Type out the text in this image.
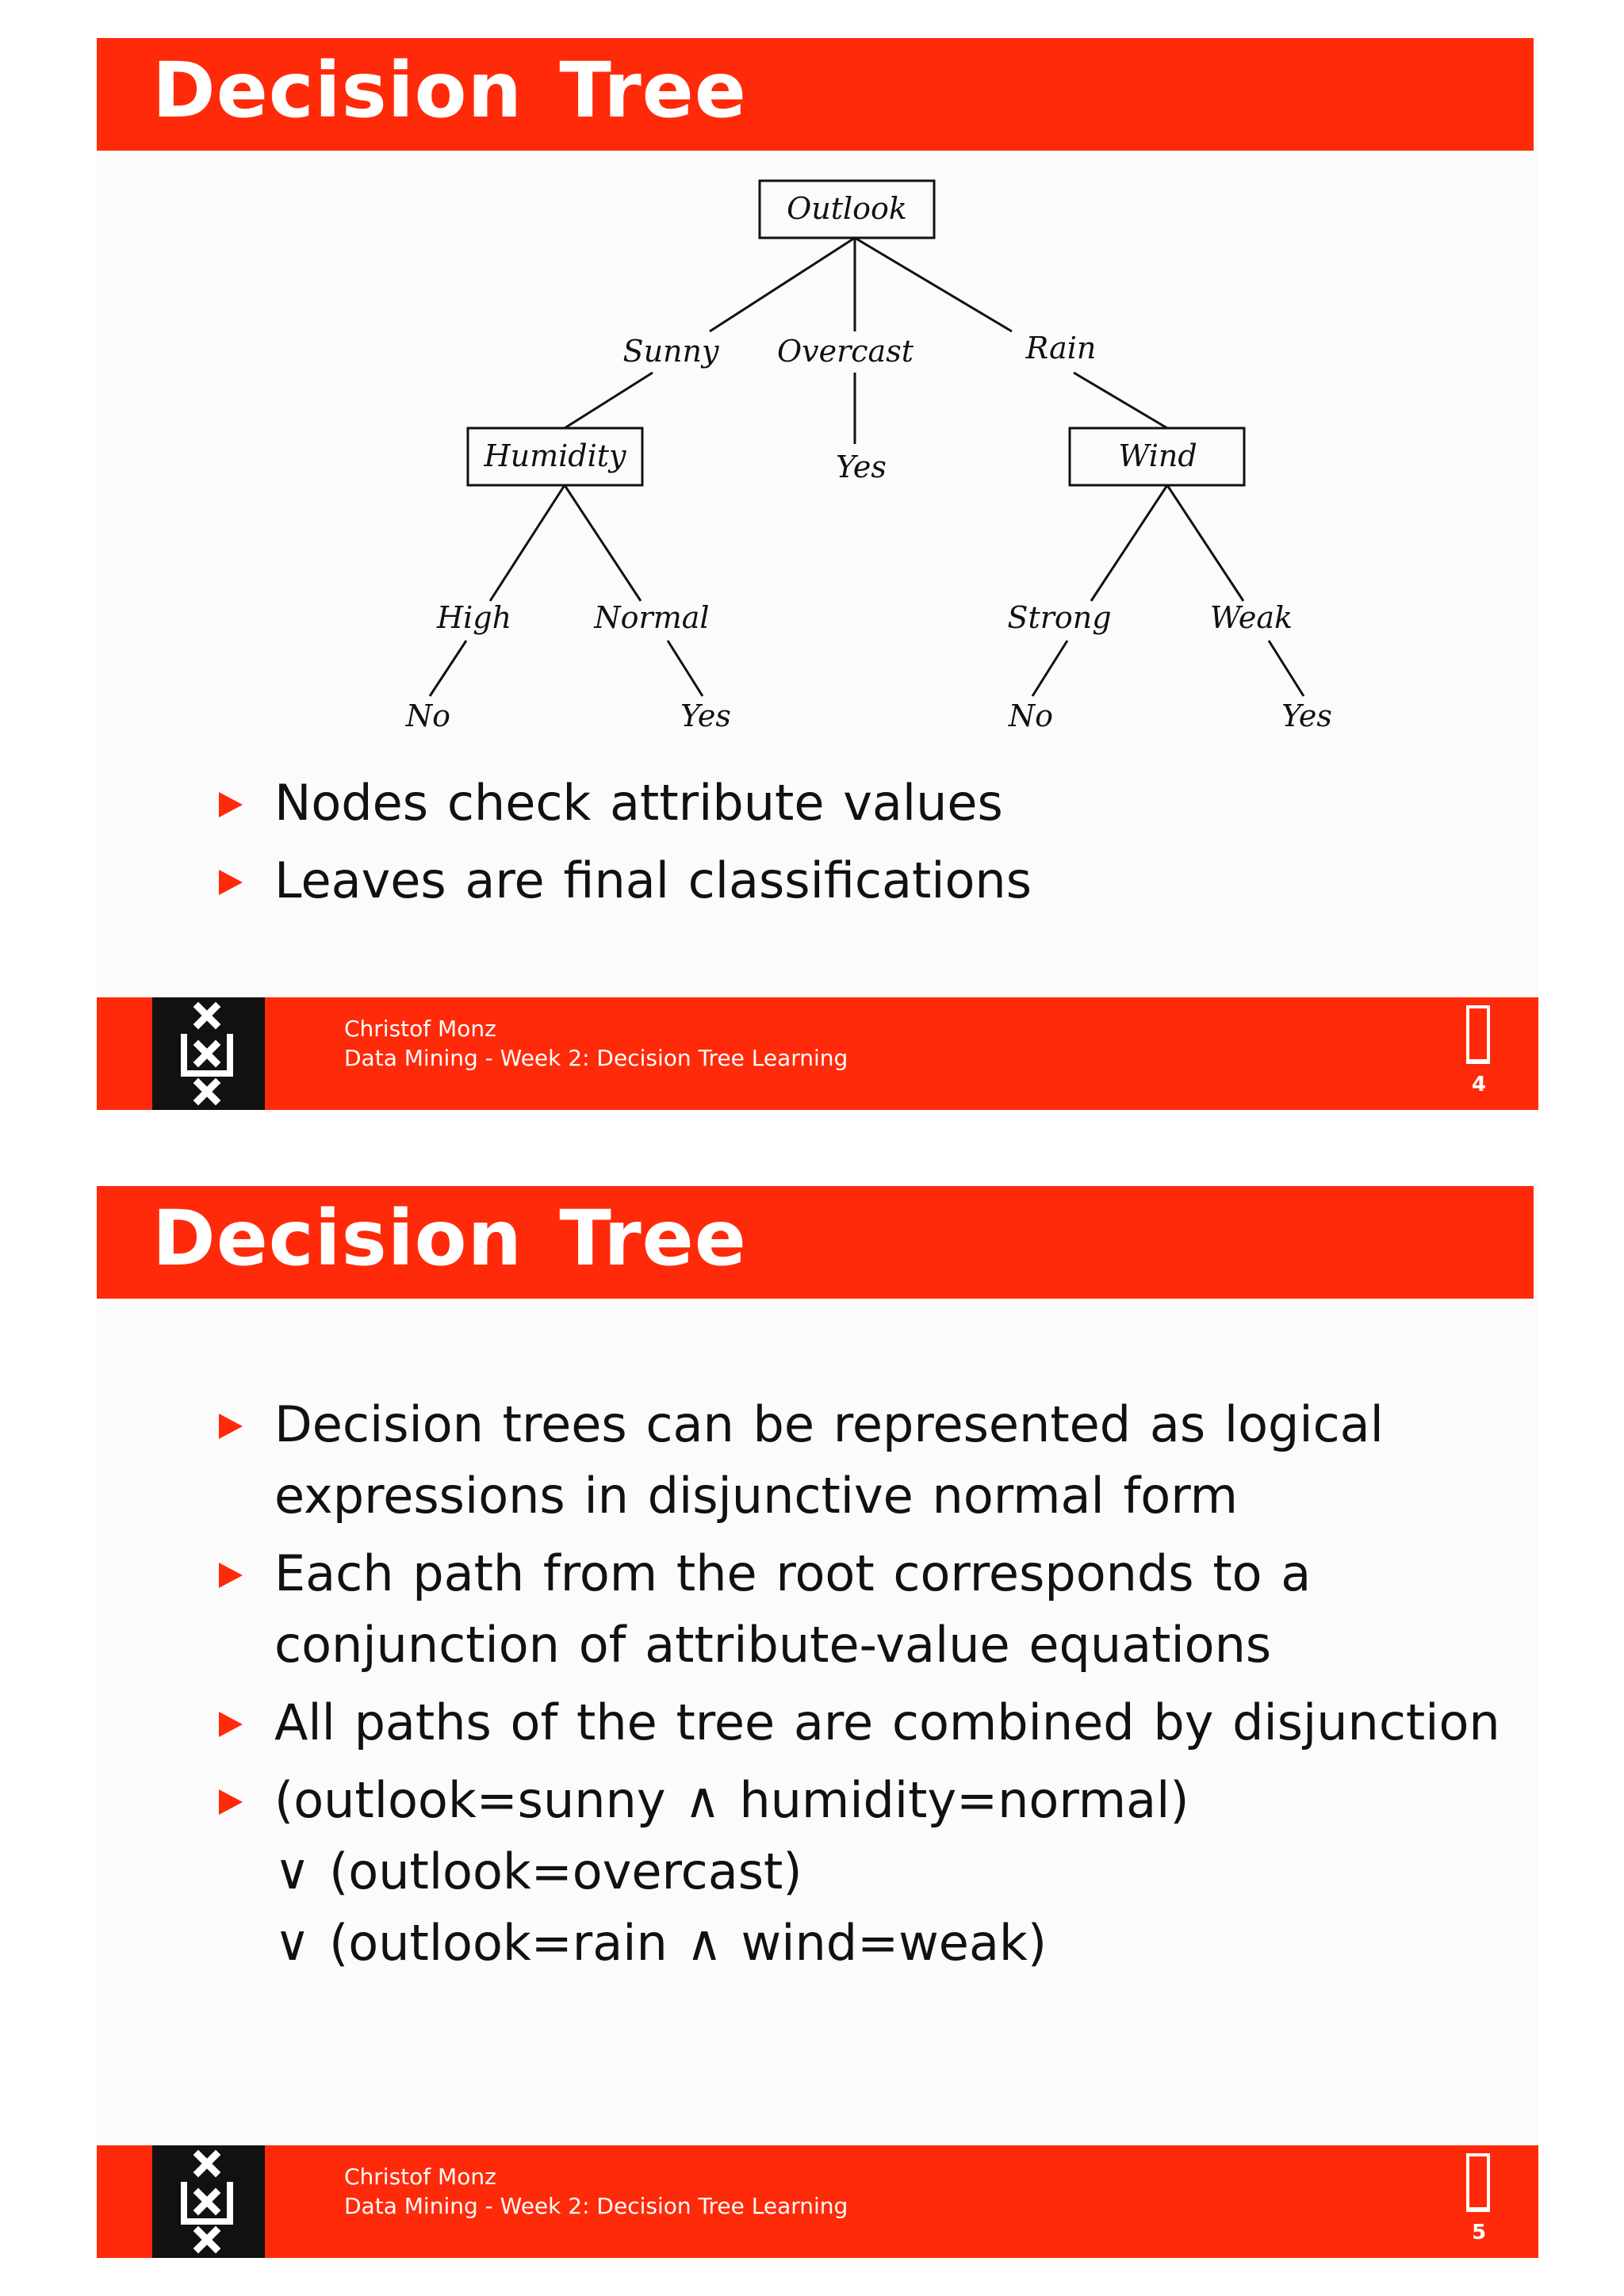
Decision Tree
Outlook
Sunny Overcast	Rain
Humidity	Yes	Wind
High	Normal	Strong	Weak
No	Yes	No	Yes
Nodes check attribute values
Leaves are final classifications
Christof Monz
Data Mining - Week 2: Decision Tree Learning
4
Decision Tree
Decision trees can be represented as logical
expressions in disjunctive normal form
Each path from the root corresponds to a
conjunction of attribute-value equations
All paths of the tree are combined by disjunction
(outlook=sunny ∧ humidity=normal)
∨ (outlook=overcast)
∨ (outlook=rain ∧ wind=weak)
Christof Monz
Data Mining - Week 2: Decision Tree Learning
5
